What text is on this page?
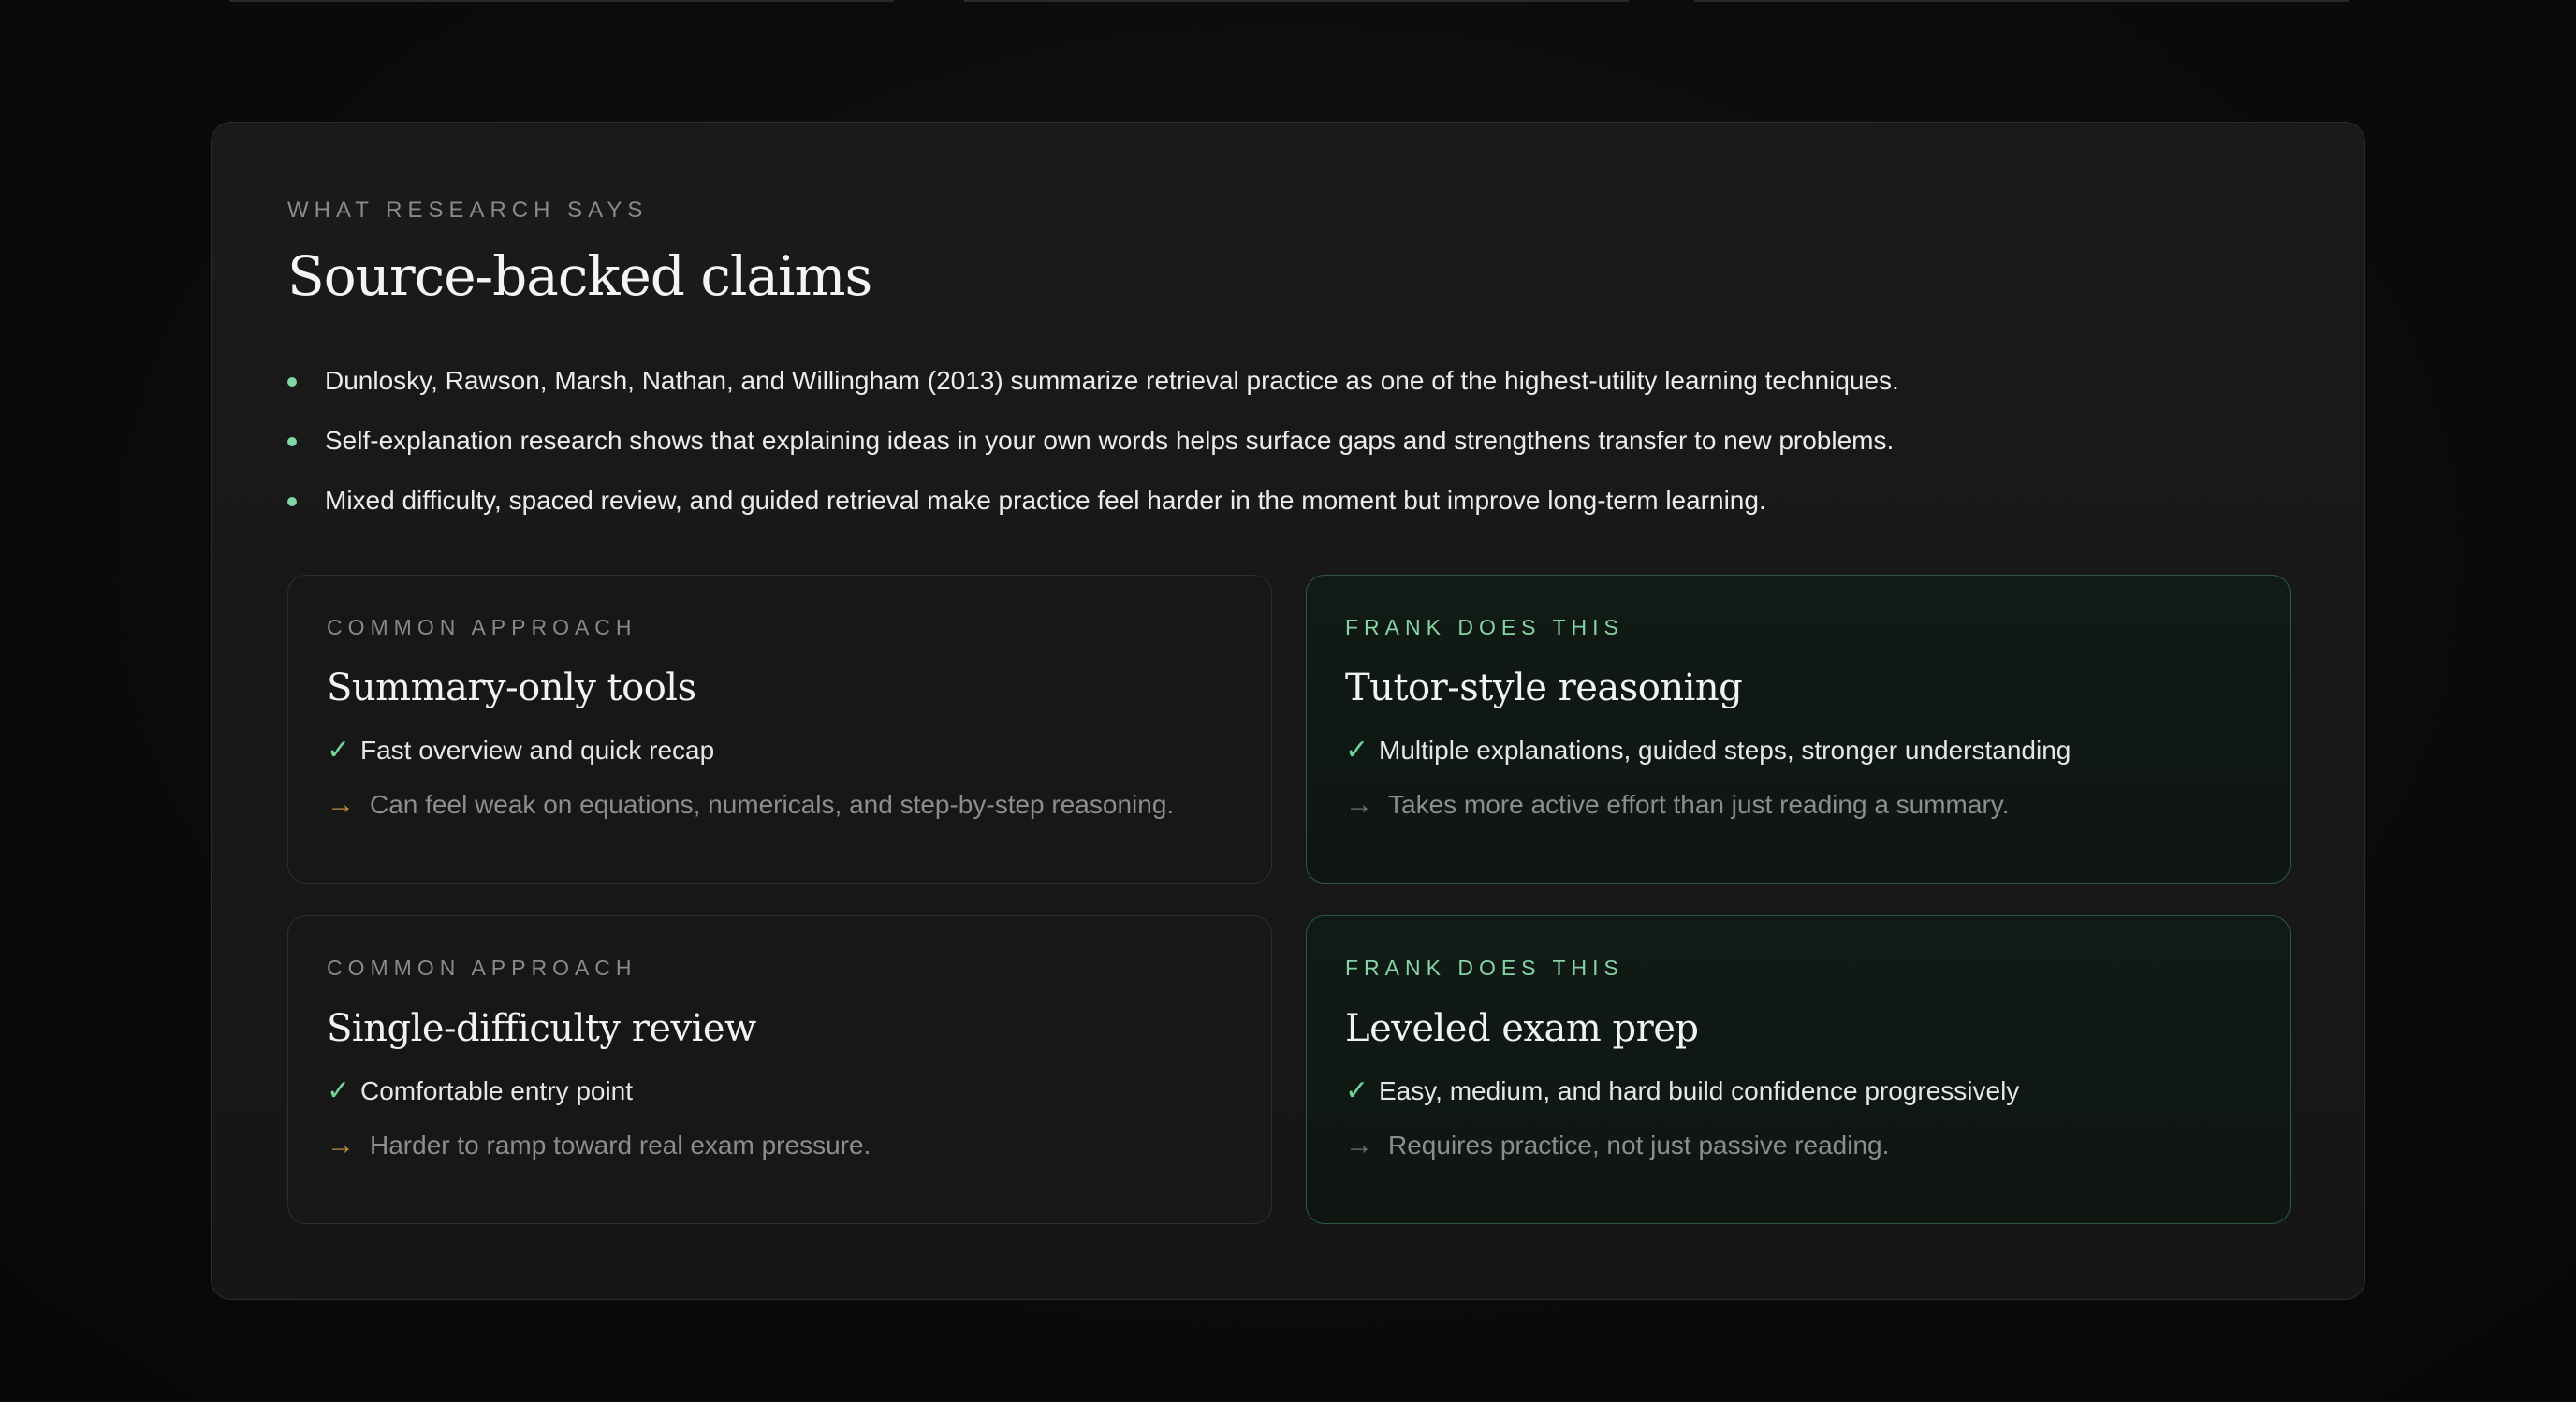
WHAT RESEARCH SAYS
Source-backed claims
Dunlosky, Rawson, Marsh, Nathan, and Willingham (2013) summarize retrieval practice as one of the highest-utility learning techniques.
Self-explanation research shows that explaining ideas in your own words helps surface gaps and strengthens transfer to new problems.
Mixed difficulty, spaced review, and guided retrieval make practice feel harder in the moment but improve long-term learning.
COMMON APPROACH
Summary-only tools
✓ Fast overview and quick recap
→ Can feel weak on equations, numericals, and step-by-step reasoning.
FRANK DOES THIS
Tutor-style reasoning
✓ Multiple explanations, guided steps, stronger understanding
→ Takes more active effort than just reading a summary.
COMMON APPROACH
Single-difficulty review
✓ Comfortable entry point
→ Harder to ramp toward real exam pressure.
FRANK DOES THIS
Leveled exam prep
✓ Easy, medium, and hard build confidence progressively
→ Requires practice, not just passive reading.
